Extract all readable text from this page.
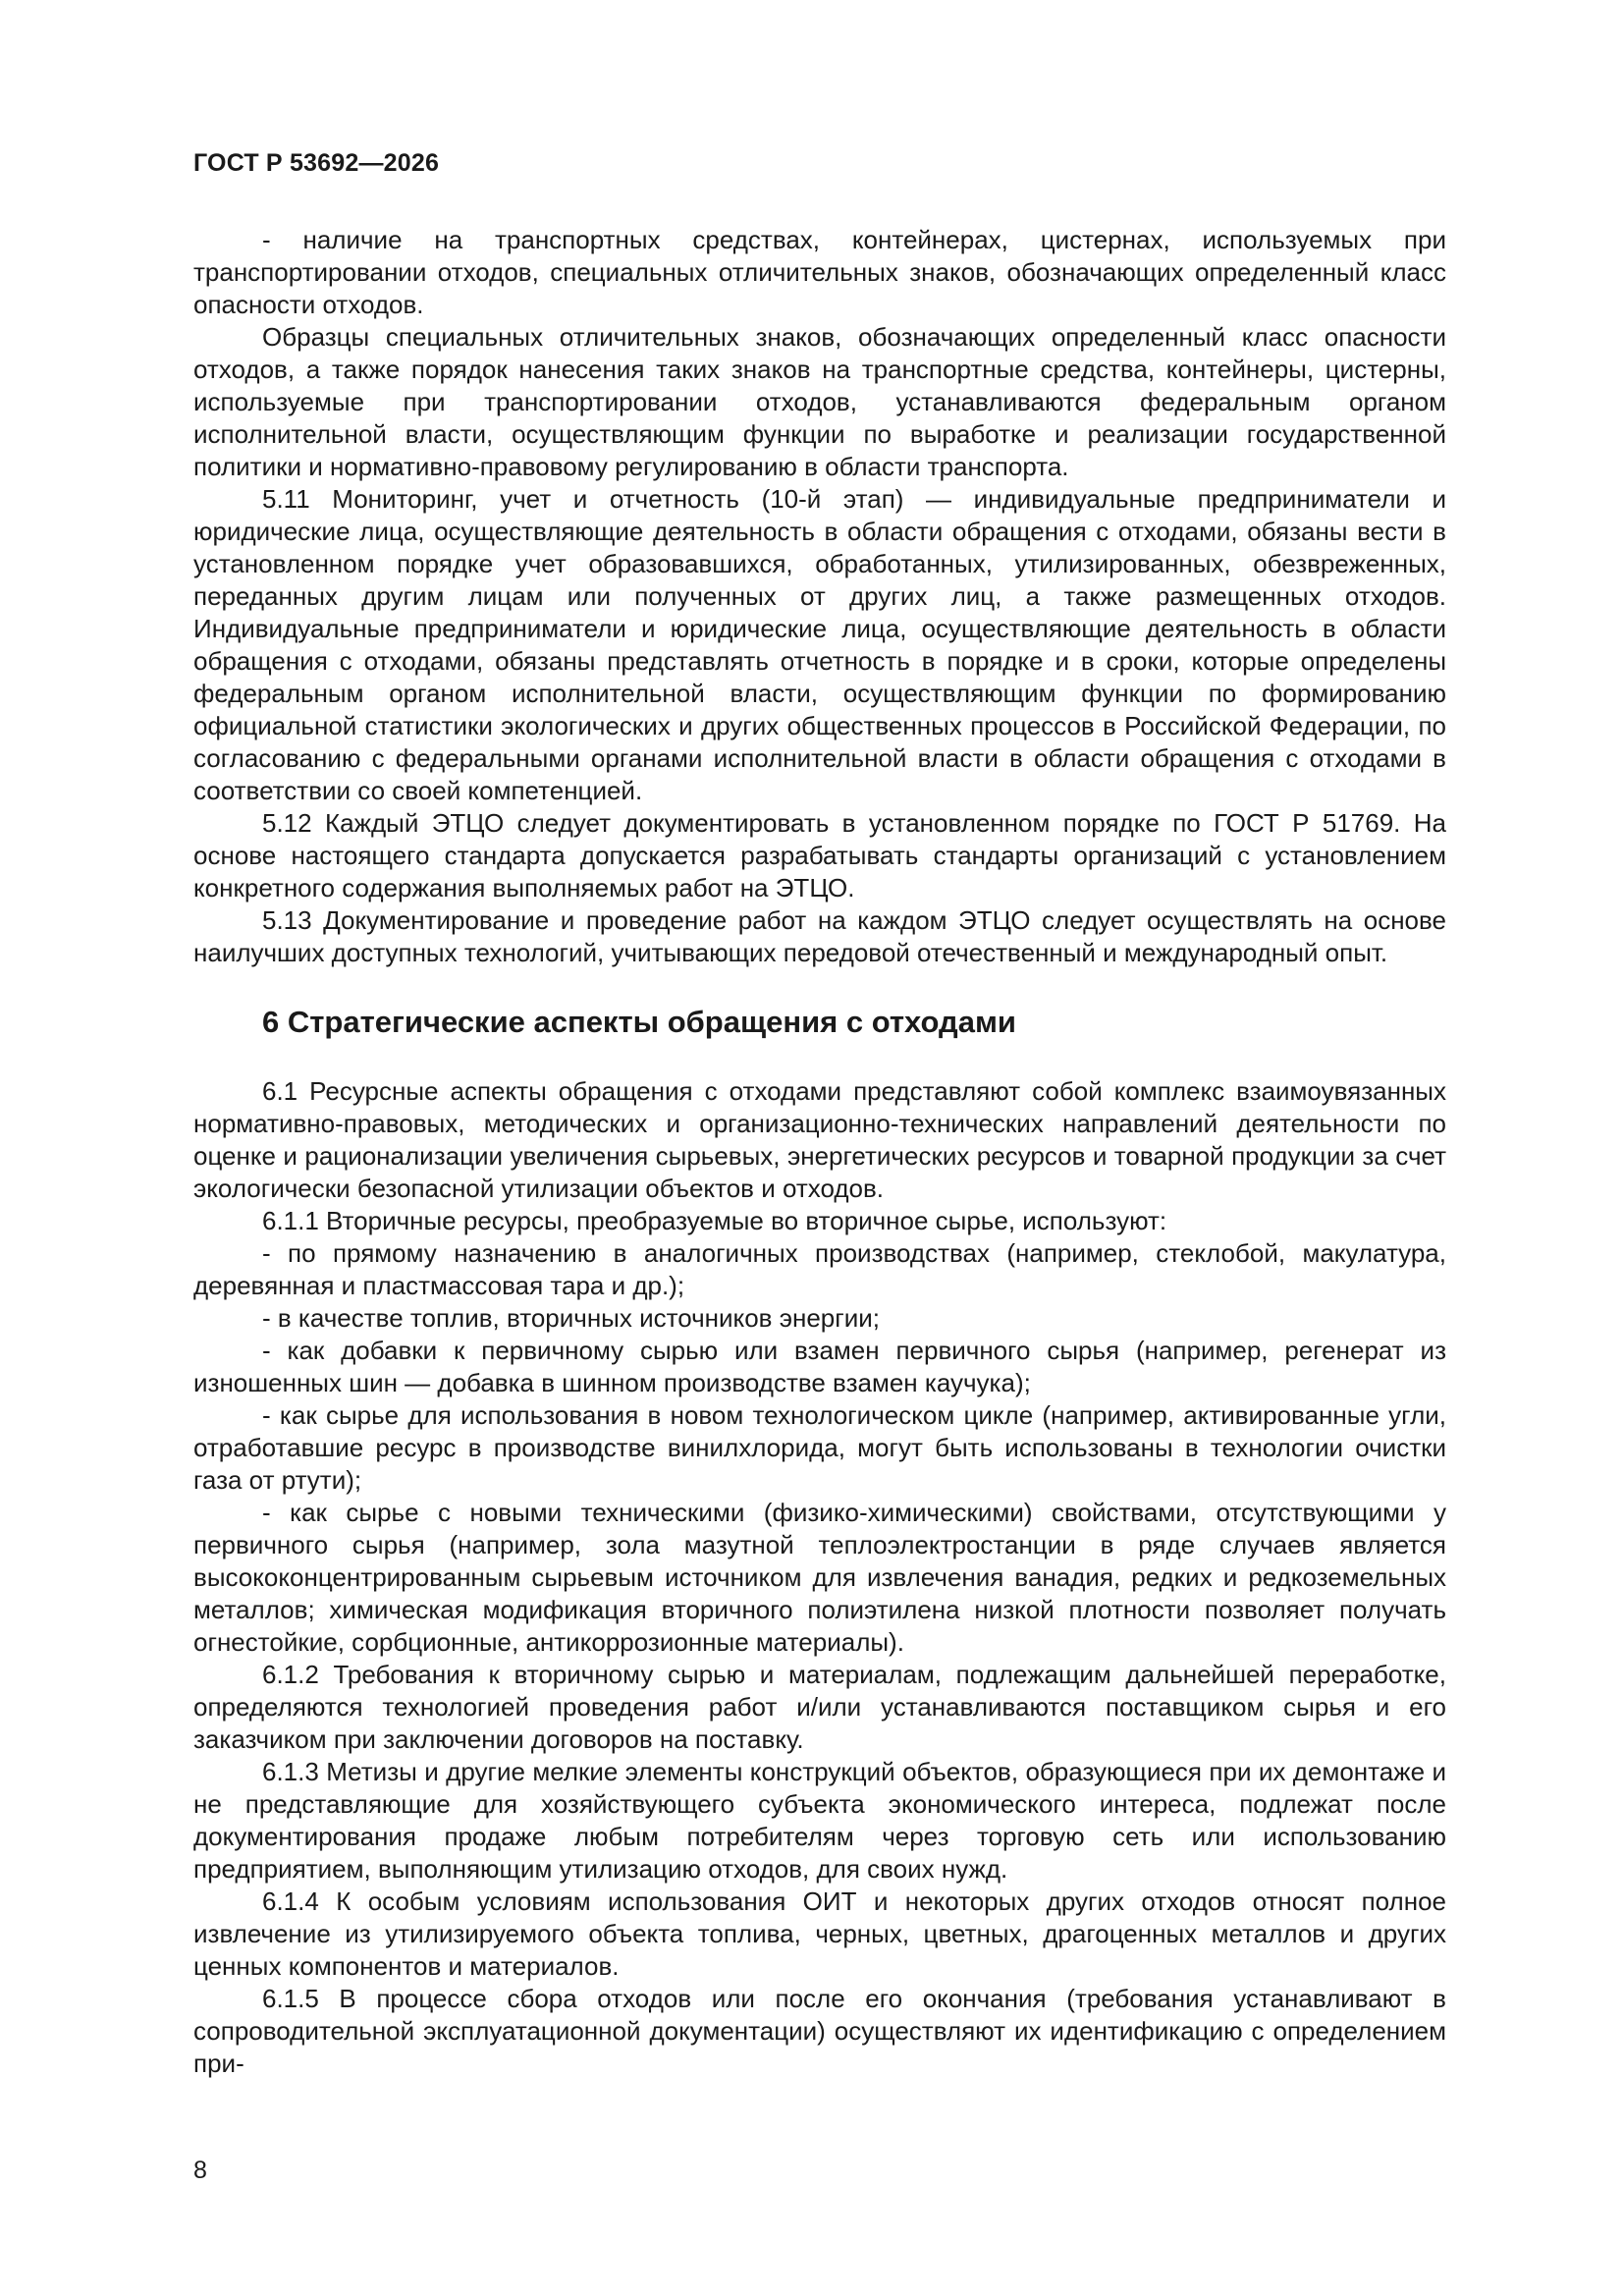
ГОСТ Р 53692—2026

- наличие на транспортных средствах, контейнерах, цистернах, используемых при транспортировании отходов, специальных отличительных знаков, обозначающих определенный класс опасности отходов.

Образцы специальных отличительных знаков, обозначающих определенный класс опасности отходов, а также порядок нанесения таких знаков на транспортные средства, контейнеры, цистерны, используемые при транспортировании отходов, устанавливаются федеральным органом исполнительной власти, осуществляющим функции по выработке и реализации государственной политики и нормативно-правовому регулированию в области транспорта.

5.11 Мониторинг, учет и отчетность (10-й этап) — индивидуальные предприниматели и юридические лица, осуществляющие деятельность в области обращения с отходами, обязаны вести в установленном порядке учет образовавшихся, обработанных, утилизированных, обезвреженных, переданных другим лицам или полученных от других лиц, а также размещенных отходов. Индивидуальные предприниматели и юридические лица, осуществляющие деятельность в области обращения с отходами, обязаны представлять отчетность в порядке и в сроки, которые определены федеральным органом исполнительной власти, осуществляющим функции по формированию официальной статистики экологических и других общественных процессов в Российской Федерации, по согласованию с федеральными органами исполнительной власти в области обращения с отходами в соответствии со своей компетенцией.

5.12 Каждый ЭТЦО следует документировать в установленном порядке по ГОСТ Р 51769. На основе настоящего стандарта допускается разрабатывать стандарты организаций с установлением конкретного содержания выполняемых работ на ЭТЦО.

5.13 Документирование и проведение работ на каждом ЭТЦО следует осуществлять на основе наилучших доступных технологий, учитывающих передовой отечественный и международный опыт.

6 Стратегические аспекты обращения с отходами

6.1 Ресурсные аспекты обращения с отходами представляют собой комплекс взаимоувязанных нормативно-правовых, методических и организационно-технических направлений деятельности по оценке и рационализации увеличения сырьевых, энергетических ресурсов и товарной продукции за счет экологически безопасной утилизации объектов и отходов.

6.1.1 Вторичные ресурсы, преобразуемые во вторичное сырье, используют:

- по прямому назначению в аналогичных производствах (например, стеклобой, макулатура, деревянная и пластмассовая тара и др.);

- в качестве топлив, вторичных источников энергии;

- как добавки к первичному сырью или взамен первичного сырья (например, регенерат из изношенных шин — добавка в шинном производстве взамен каучука);

- как сырье для использования в новом технологическом цикле (например, активированные угли, отработавшие ресурс в производстве винилхлорида, могут быть использованы в технологии очистки газа от ртути);

- как сырье с новыми техническими (физико-химическими) свойствами, отсутствующими у первичного сырья (например, зола мазутной теплоэлектростанции в ряде случаев является высококонцентрированным сырьевым источником для извлечения ванадия, редких и редкоземельных металлов; химическая модификация вторичного полиэтилена низкой плотности позволяет получать огнестойкие, сорбционные, антикоррозионные материалы).

6.1.2 Требования к вторичному сырью и материалам, подлежащим дальнейшей переработке, определяются технологией проведения работ и/или устанавливаются поставщиком сырья и его заказчиком при заключении договоров на поставку.

6.1.3 Метизы и другие мелкие элементы конструкций объектов, образующиеся при их демонтаже и не представляющие для хозяйствующего субъекта экономического интереса, подлежат после документирования продаже любым потребителям через торговую сеть или использованию предприятием, выполняющим утилизацию отходов, для своих нужд.

6.1.4 К особым условиям использования ОИТ и некоторых других отходов относят полное извлечение из утилизируемого объекта топлива, черных, цветных, драгоценных металлов и других ценных компонентов и материалов.

6.1.5 В процессе сбора отходов или после его окончания (требования устанавливают в сопроводительной эксплуатационной документации) осуществляют их идентификацию с определением при-

8
